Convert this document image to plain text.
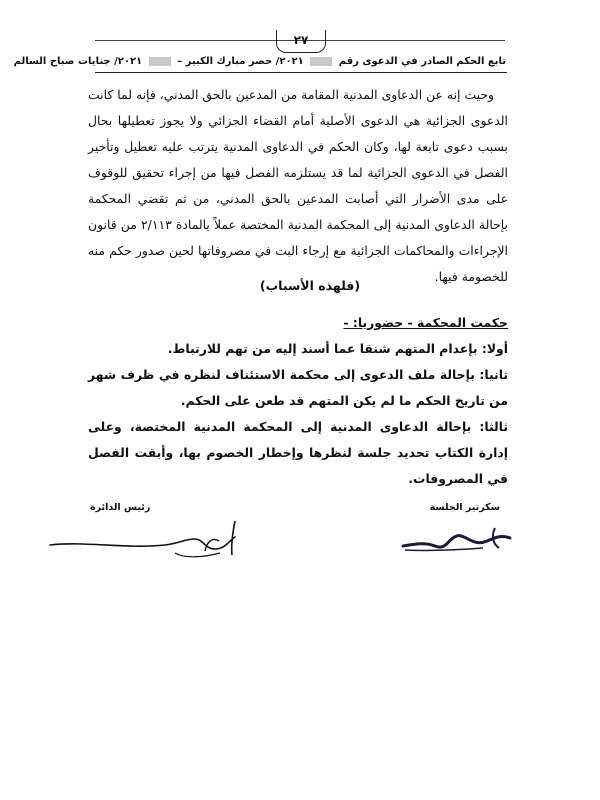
٢٧
تابع الحكم الصادر في الدعوى رقم  ٢٠٢١/ حصر مبارك الكبير –  ٢٠٢١/ جنايات صباح السالم

وحيث إنه عن الدعاوى المدنية المقامة من المدعين بالحق المدني، فإنه لما كانت الدعوى الجزائية هي الدعوى الأصلية أمام القضاء الجزائي ولا يجوز تعطيلها بحال بسبب دعوى تابعة لها، وكان الحكم في الدعاوى المدنية يترتب عليه تعطيل وتأخير الفصل في الدعوى الجزائية لما قد يستلزمه الفصل فيها من إجراء تحقيق للوقوف على مدى الأضرار التي أصابت المدعين بالحق المدني، من ثم تقضي المحكمة بإحالة الدعاوى المدنية إلى المحكمة المدنية المختصة عملاً بالمادة ٢/١١٣ من قانون الإجراءات والمحاكمات الجزائية مع إرجاء البت في مصروفاتها لحين صدور حكم منه للخصومة فيها.

(فلهذه الأسباب)

حكمت المحكمة - حضوريا: -

أولا: بإعدام المتهم شنقا عما أسند إليه من تهم للارتباط.

ثانيا: بإحالة ملف الدعوى إلى محكمة الاستئناف لنظره في ظرف شهر من تاريخ الحكم ما لم يكن المتهم قد طعن على الحكم.

ثالثا: بإحالة الدعاوى المدنية إلى المحكمة المدنية المختصة، وعلى إدارة الكتاب تحديد جلسة لنظرها وإخطار الخصوم بها، وأبقت الفصل في المصروفات.

سكرتير الجلسة
رئيس الدائرة
